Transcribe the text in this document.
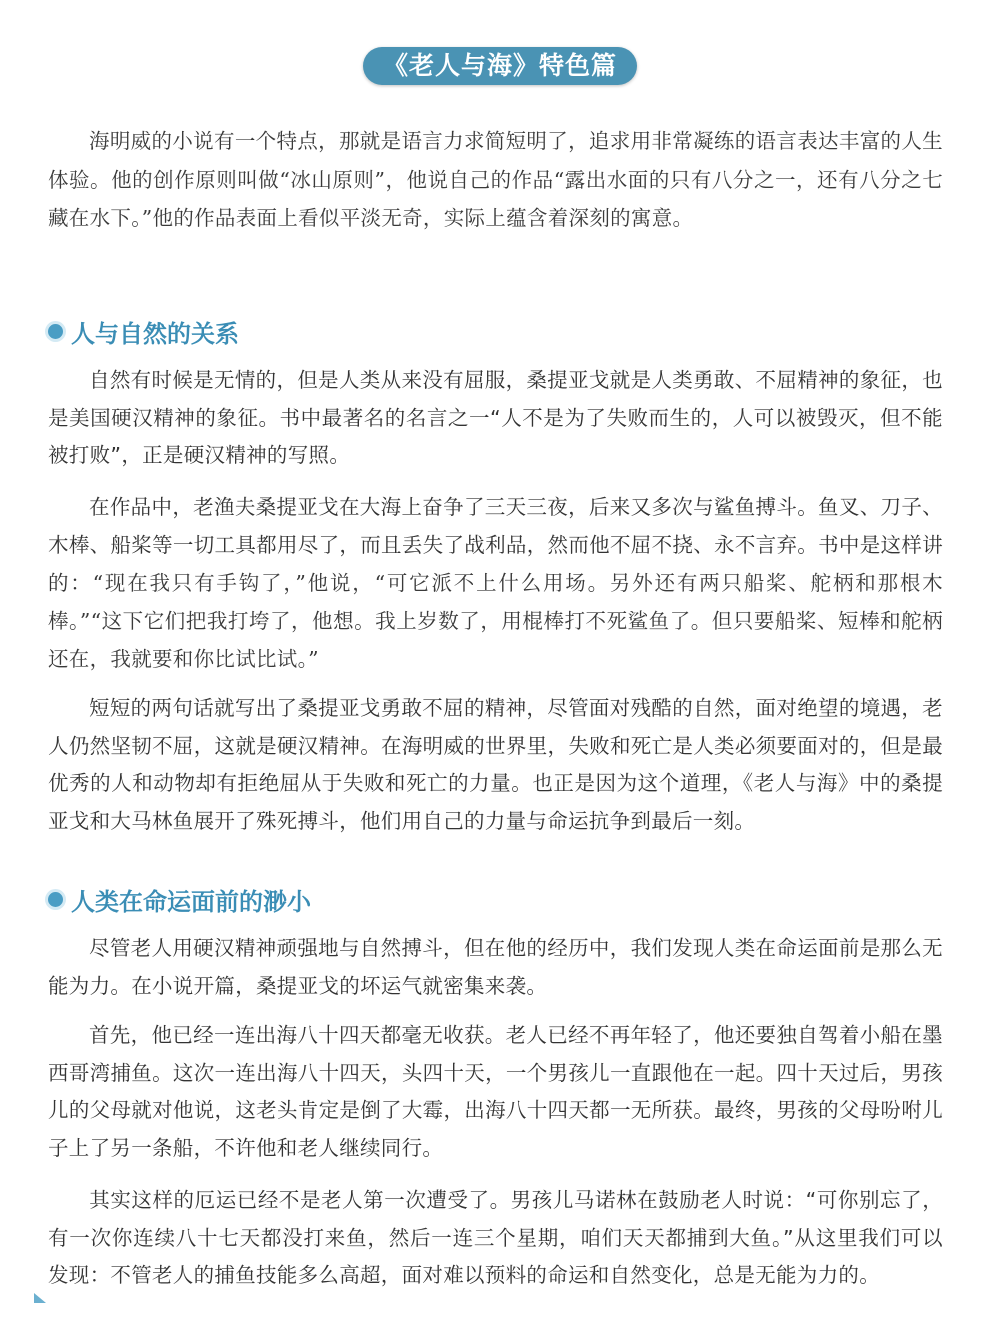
《老人与海》特色篇

海明威的小说有一个特点，那就是语言力求简短明了，追求用非常凝练的语言表达丰富的人生体验。他的创作原则叫做“冰山原则”，他说自己的作品“露出水面的只有八分之一，还有八分之七藏在水下。”他的作品表面上看似平淡无奇，实际上蕴含着深刻的寓意。

人与自然的关系

自然有时候是无情的，但是人类从来没有屈服，桑提亚戈就是人类勇敢、不屈精神的象征，也是美国硬汉精神的象征。书中最著名的名言之一“人不是为了失败而生的，人可以被毁灭，但不能被打败”，正是硬汉精神的写照。

在作品中，老渔夫桑提亚戈在大海上奋争了三天三夜，后来又多次与鲨鱼搏斗。鱼叉、刀子、木棒、船桨等一切工具都用尽了，而且丢失了战利品，然而他不屈不挠、永不言弃。书中是这样讲的：“现在我只有手钩了，”他说，“可它派不上什么用场。另外还有两只船桨、舵柄和那根木棒。”“这下它们把我打垮了，他想。我上岁数了，用棍棒打不死鲨鱼了。但只要船桨、短棒和舵柄还在，我就要和你比试比试。”

短短的两句话就写出了桑提亚戈勇敢不屈的精神，尽管面对残酷的自然，面对绝望的境遇，老人仍然坚韧不屈，这就是硬汉精神。在海明威的世界里，失败和死亡是人类必须要面对的，但是最优秀的人和动物却有拒绝屈从于失败和死亡的力量。也正是因为这个道理，《老人与海》中的桑提亚戈和大马林鱼展开了殊死搏斗，他们用自己的力量与命运抗争到最后一刻。

人类在命运面前的渺小

尽管老人用硬汉精神顽强地与自然搏斗，但在他的经历中，我们发现人类在命运面前是那么无能为力。在小说开篇，桑提亚戈的坏运气就密集来袭。

首先，他已经一连出海八十四天都毫无收获。老人已经不再年轻了，他还要独自驾着小船在墨西哥湾捕鱼。这次一连出海八十四天，头四十天，一个男孩儿一直跟他在一起。四十天过后，男孩儿的父母就对他说，这老头肯定是倒了大霉，出海八十四天都一无所获。最终，男孩的父母吩咐儿子上了另一条船，不许他和老人继续同行。

其实这样的厄运已经不是老人第一次遭受了。男孩儿马诺林在鼓励老人时说：“可你别忘了，有一次你连续八十七天都没打来鱼，然后一连三个星期，咱们天天都捕到大鱼。”从这里我们可以发现：不管老人的捕鱼技能多么高超，面对难以预料的命运和自然变化，总是无能为力的。
